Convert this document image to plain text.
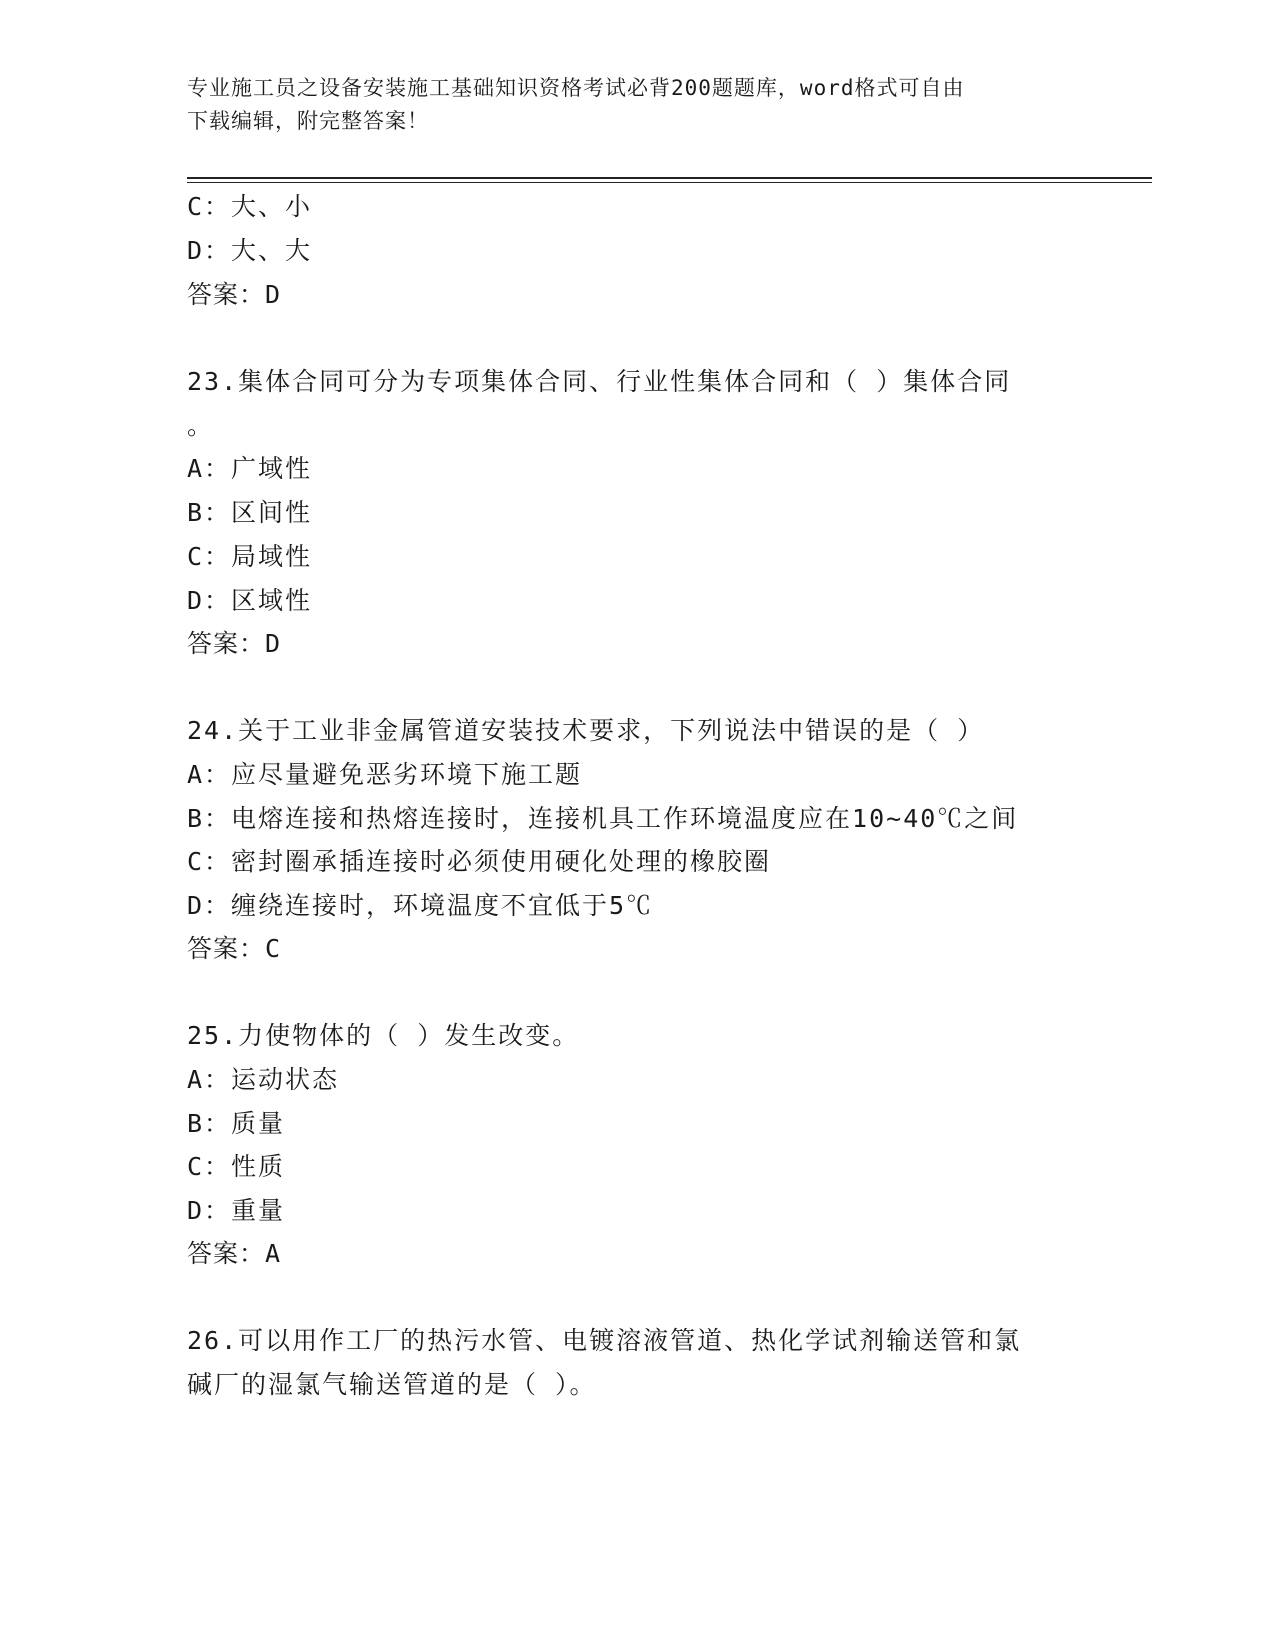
专业施工员之设备安装施工基础知识资格考试必背200题题库，word格式可自由
下载编辑，附完整答案！
C：大、小
D：大、大
答案：D
23.集体合同可分为专项集体合同、行业性集体合同和（ ）集体合同
。
A：广域性
B：区间性
C：局域性
D：区域性
答案：D
24.关于工业非金属管道安装技术要求，下列说法中错误的是（ ）
A：应尽量避免恶劣环境下施工题
B：电熔连接和热熔连接时，连接机具工作环境温度应在10~40℃之间
C：密封圈承插连接时必须使用硬化处理的橡胶圈
D：缠绕连接时，环境温度不宜低于5℃
答案：C
25.力使物体的（ ）发生改变。
A：运动状态
B：质量
C：性质
D：重量
答案：A
26.可以用作工厂的热污水管、电镀溶液管道、热化学试剂输送管和氯
碱厂的湿氯气输送管道的是（ ）。
